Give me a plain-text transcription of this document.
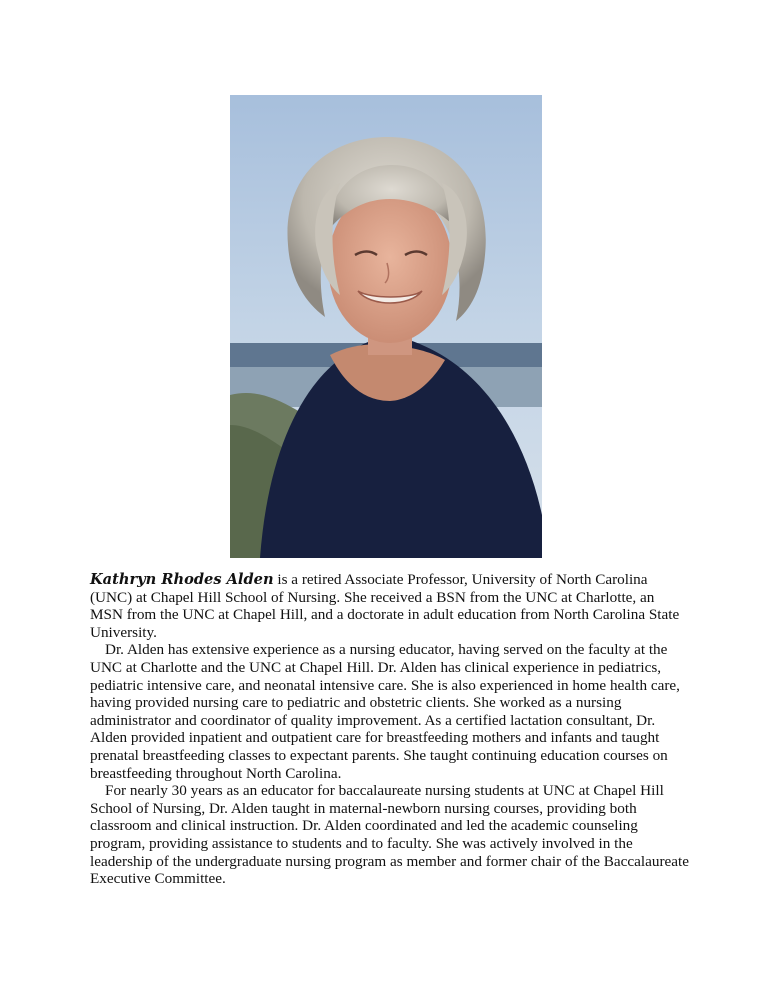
Kathryn Rhodes Alden is a retired Associate Professor, University of North Carolina (UNC) at Chapel Hill School of Nursing. She received a BSN from the UNC at Charlotte, an MSN from the UNC at Chapel Hill, and a doctorate in adult education from North Carolina State University.

Dr. Alden has extensive experience as a nursing educator, having served on the faculty at the UNC at Charlotte and the UNC at Chapel Hill. Dr. Alden has clinical experience in pediatrics, pediatric intensive care, and neonatal intensive care. She is also experienced in home health care, having provided nursing care to pediatric and obstetric clients. She worked as a nursing administrator and coordinator of quality improvement. As a certified lactation consultant, Dr. Alden provided inpatient and outpatient care for breastfeeding mothers and infants and taught prenatal breastfeeding classes to expectant parents. She taught continuing education courses on breastfeeding throughout North Carolina.

For nearly 30 years as an educator for baccalaureate nursing students at UNC at Chapel Hill School of Nursing, Dr. Alden taught in maternal-newborn nursing courses, providing both classroom and clinical instruction. Dr. Alden coordinated and led the academic counseling program, providing assistance to students and to faculty. She was actively involved in the leadership of the undergraduate nursing program as member and former chair of the Baccalaureate Executive Committee.
